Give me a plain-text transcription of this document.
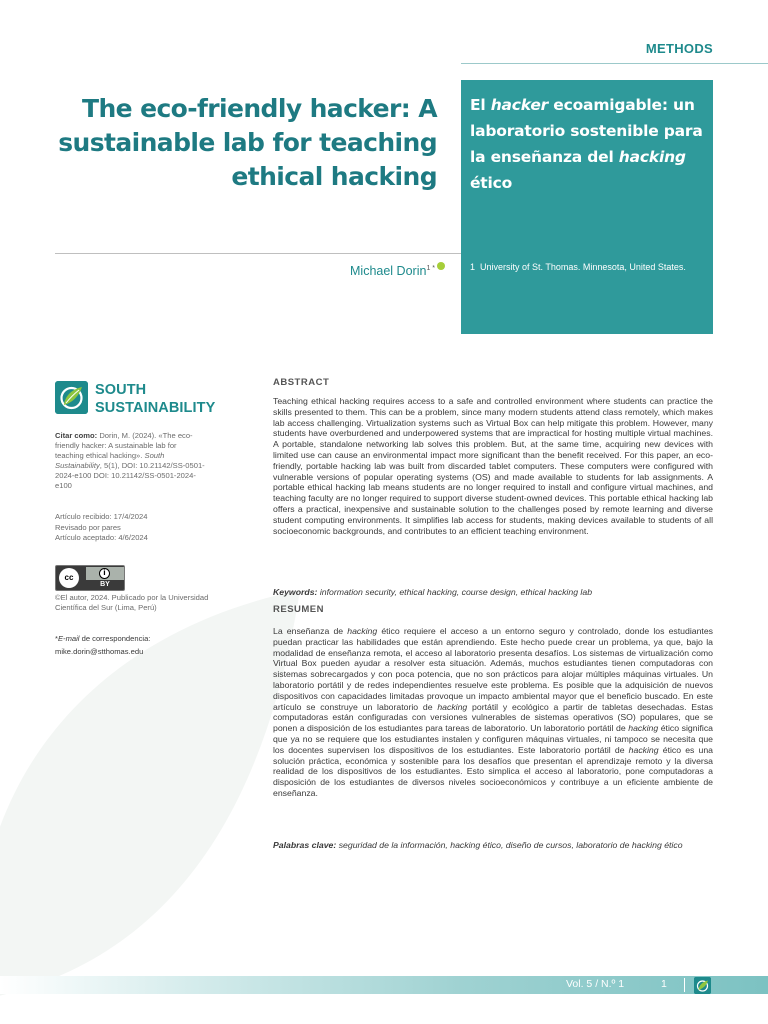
METHODS
The eco-friendly hacker: A sustainable lab for teaching ethical hacking
El hacker ecoamigable: un laboratorio sostenible para la enseñanza del hacking ético
1 University of St. Thomas. Minnesota, United States.
Michael Dorin$^{1 *}$
SOUTH
SUSTAINABILITY
Citar como: Dorin, M. (2024). «The eco-friendly hacker: A sustainable lab for teaching ethical hacking». South Sustainability, 5(1), DOI: 10.21142/SS-0501-2024-e100 DOI: 10.21142/SS-0501-2024-e100
Artículo recibido: 17/4/2024
Revisado por pares
Artículo aceptado: 4/6/2024
cc	i
BY
©El autor, 2024. Publicado por la Universidad Científica del Sur (Lima, Perú)
*E-mail de correspondencia:
mike.dorin@stthomas.edu
ABSTRACT

Teaching ethical hacking requires access to a safe and controlled environment where students can practice the skills presented to them. This can be a problem, since many modern students attend class remotely, which makes lab access challenging. Virtualization systems such as Virtual Box can help mitigate this problem. However, many students have overburdened and underpowered systems that are impractical for hosting multiple virtual machines. A portable, standalone networking lab solves this problem. But, at the same time, acquiring new devices with limited use can cause an environmental impact more significant than the benefit received. For this paper, an eco-friendly, portable hacking lab was built from discarded tablet computers. These computers were configured with vulnerable versions of popular operating systems (OS) and made available to students for lab assignments. A portable ethical hacking lab means students are no longer required to install and configure virtual machines, and teaching faculty are no longer required to support diverse student-owned devices. This portable ethical hacking lab offers a practical, inexpensive and sustainable solution to the challenges posed by remote learning and diverse student computing environments. It simplifies lab access for students, making devices available to students of all socioeconomic backgrounds, and contributes to an efficient teaching environment.

Keywords: information security, ethical hacking, course design, ethical hacking lab

RESUMEN

La enseñanza de hacking ético requiere el acceso a un entorno seguro y controlado, donde los estudiantes puedan practicar las habilidades que están aprendiendo. Este hecho puede crear un problema, ya que, bajo la modalidad de enseñanza remota, el acceso al laboratorio presenta desafíos. Los sistemas de virtualización como Virtual Box pueden ayudar a resolver esta situación. Además, muchos estudiantes tienen computadoras con sistemas sobrecargados y con poca potencia, que no son prácticos para alojar múltiples máquinas virtuales. Un laboratorio portátil y de redes independientes resuelve este problema. Es posible que la adquisición de nuevos dispositivos con capacidades limitadas provoque un impacto ambiental mayor que el beneficio buscado. En este artículo se construye un laboratorio de hacking portátil y ecológico a partir de tabletas desechadas. Estas computadoras están configuradas con versiones vulnerables de sistemas operativos (SO) populares, que se ponen a disposición de los estudiantes para tareas de laboratorio. Un laboratorio portátil de hacking ético significa que ya no se requiere que los estudiantes instalen y configuren máquinas virtuales, ni tampoco se necesita que los docentes supervisen los dispositivos de los estudiantes. Este laboratorio portátil de hacking ético es una solución práctica, económica y sostenible para los desafíos que presentan el aprendizaje remoto y la diversa realidad de los dispositivos de los estudiantes. Esto simplica el acceso al laboratorio, pone computadoras a disposición de los estudiantes de diversos niveles socioeconómicos y contribuye a un eficiente ambiente de enseñanza.

Palabras clave: seguridad de la información, hacking ético, diseño de cursos, laboratorio de hacking ético

Vol. 5 / N.º 1	1
